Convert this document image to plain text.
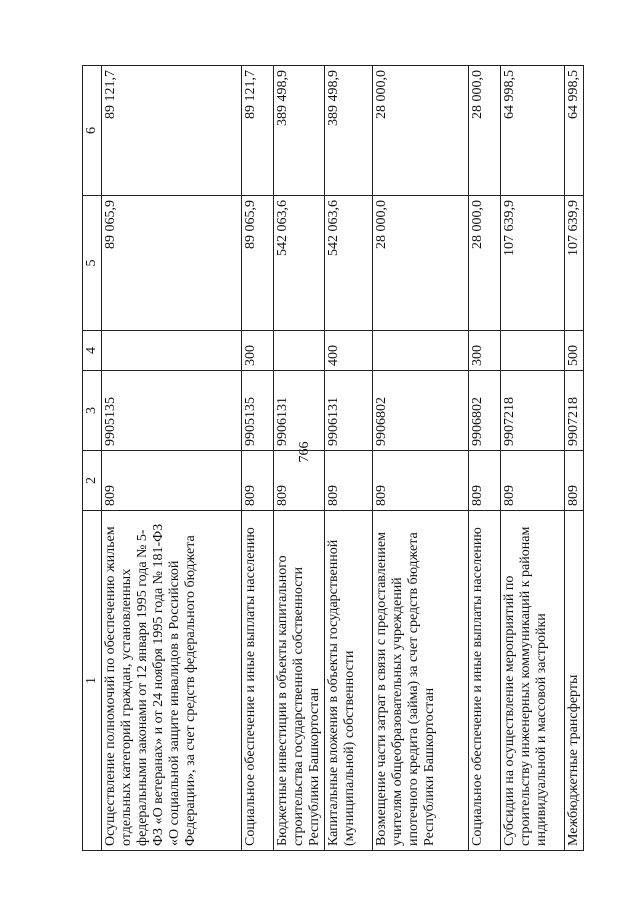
766
1	2	3	4	5	6
Осуществление полномочий по обеспечению жильем отдельных категорий граждан, установленных федеральными законами от 12 января 1995 года № 5-ФЗ «О ветеранах» и от 24 ноября 1995 года № 181-ФЗ «О социальной защите инвалидов в Российской Федерации», за счет средств федерального бюджета	809	9905135		89 065,9	89 121,7
Социальное обеспечение и иные выплаты населению	809	9905135	300	89 065,9	89 121,7
Бюджетные инвестиции в объекты капитального строительства государственной собственности Республики Башкортостан	809	9906131		542 063,6	389 498,9
Капитальные вложения в объекты государственной (муниципальной) собственности	809	9906131	400	542 063,6	389 498,9
Возмещение части затрат в связи с предоставлением учителям общеобразовательных учреждений ипотечного кредита (займа) за счет средств бюджета Республики Башкортостан	809	9906802		28 000,0	28 000,0
Социальное обеспечение и иные выплаты населению	809	9906802	300	28 000,0	28 000,0
Субсидии на осуществление мероприятий по строительству инженерных коммуникаций к районам индивидуальной и массовой застройки	809	9907218		107 639,9	64 998,5
Межбюджетные трансферты	809	9907218	500	107 639,9	64 998,5
